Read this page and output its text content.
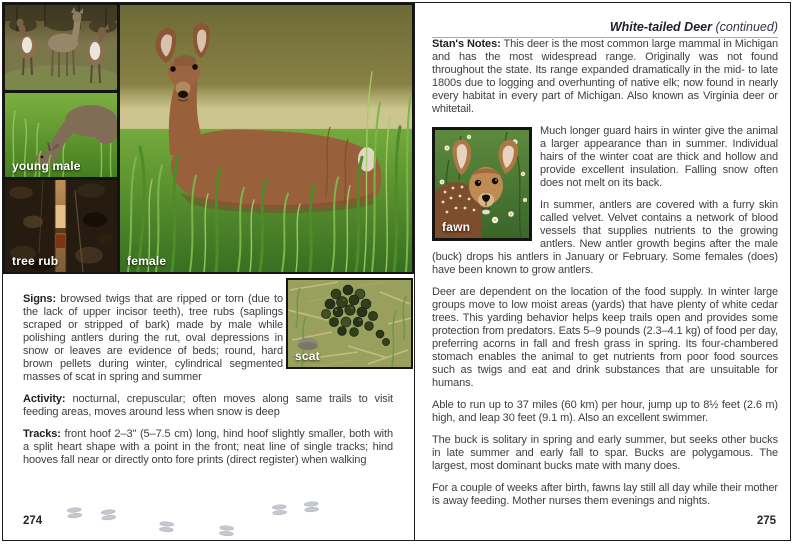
young male
tree rub	female
scat

Signs: browsed twigs that are ripped or torn (due to the lack of upper incisor teeth), tree rubs (saplings scraped or stripped of bark) made by male while polishing antlers during the rut, oval depressions in snow or leaves are evidence of beds; round, hard brown pellets during winter, cylindrical segmented masses of scat in spring and summer

Activity: nocturnal, crepuscular; often moves along same trails to visit feeding areas, moves around less when snow is deep

Tracks: front hoof 2–3" (5–7.5 cm) long, hind hoof slightly smaller, both with a split heart shape with a point in the front; neat line of single tracks; hind hooves fall near or directly onto fore prints (direct register) when walking

274
White-tailed Deer (continued)

Stan's Notes: This deer is the most common large mammal in Michigan and has the most widespread range. Originally was not found throughout the state. Its range expanded dramatically in the mid- to late 1800s due to logging and overhunting of native elk; now found in nearly every habitat in every part of Michigan. Also known as Virginia deer or whitetail.

fawn

Much longer guard hairs in winter give the animal a larger appearance than in summer. Individual hairs of the winter coat are thick and hollow and provide excellent insulation. Falling snow often does not melt on its back.

In summer, antlers are covered with a furry skin called velvet. Velvet contains a network of blood vessels that supplies nutrients to the growing antlers. New antler growth begins after the male (buck) drops his antlers in January or February. Some females (does) have been known to grow antlers.

Deer are dependent on the location of the food supply. In winter large groups move to low moist areas (yards) that have plenty of white cedar trees. This yarding behavior helps keep trails open and provides some protection from predators. Eats 5–9 pounds (2.3–4.1 kg) of food per day, preferring acorns in fall and fresh grass in spring. Its four-chambered stomach enables the animal to get nutrients from poor food sources such as twigs and eat and drink substances that are unsuitable for humans.

Able to run up to 37 miles (60 km) per hour, jump up to 8½ feet (2.6 m) high, and leap 30 feet (9.1 m). Also an excellent swimmer.

The buck is solitary in spring and early summer, but seeks other bucks in late summer and early fall to spar. Bucks are polygamous. The largest, most dominant bucks mate with many does.

For a couple of weeks after birth, fawns lay still all day while their mother is away feeding. Mother nurses them evenings and nights.

275
